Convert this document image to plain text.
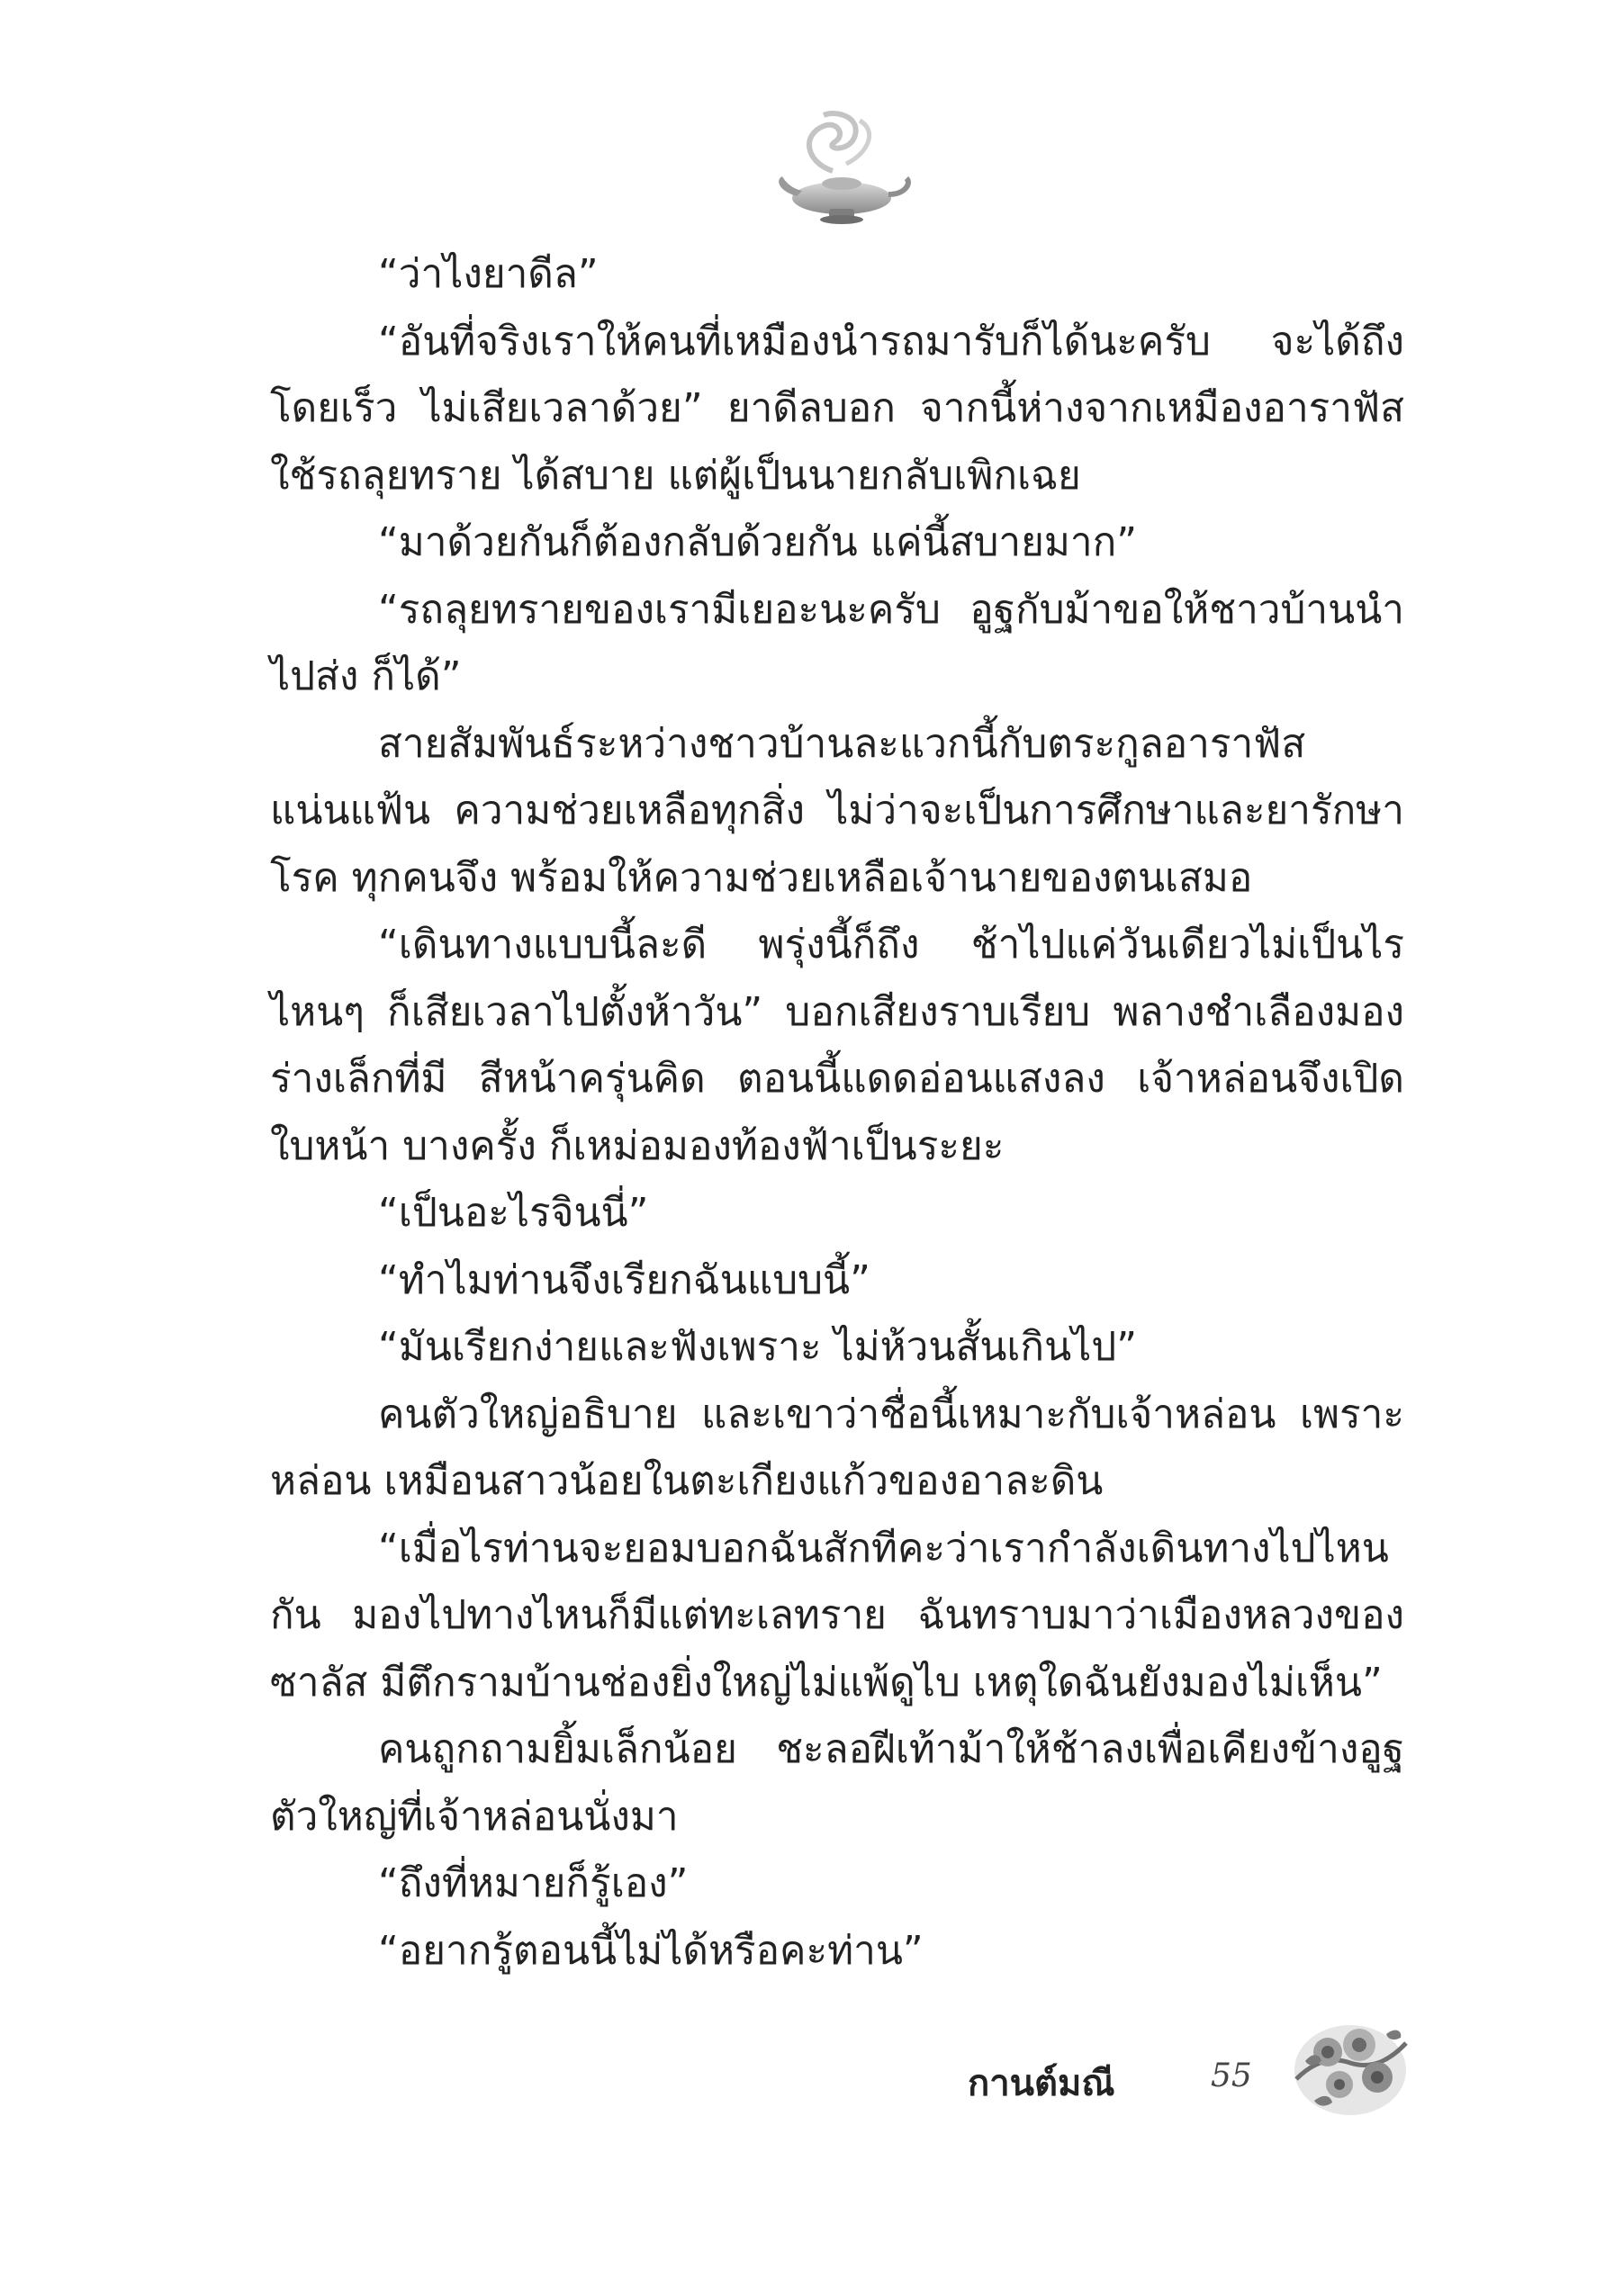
“ว่าไงยาดีล”

“อันที่จริงเราให้คนที่เหมืองนำรถมารับก็ได้นะครับ จะได้ถึงโดยเร็ว ไม่เสียเวลาด้วย” ยาดีลบอก จากนี้ห่างจากเหมืองอาราฟัส ใช้รถลุยทราย ได้สบาย แต่ผู้เป็นนายกลับเพิกเฉย

“มาด้วยกันก็ต้องกลับด้วยกัน แค่นี้สบายมาก”

“รถลุยทรายของเรามีเยอะนะครับ อูฐกับม้าขอให้ชาวบ้านนำไปส่ง ก็ได้”

สายสัมพันธ์ระหว่างชาวบ้านละแวกนี้กับตระกูลอาราฟัสแน่นแฟ้น ความช่วยเหลือทุกสิ่ง ไม่ว่าจะเป็นการศึกษาและยารักษาโรค ทุกคนจึง พร้อมให้ความช่วยเหลือเจ้านายของตนเสมอ

“เดินทางแบบนี้ละดี พรุ่งนี้ก็ถึง ช้าไปแค่วันเดียวไม่เป็นไร ไหนๆ ก็เสียเวลาไปตั้งห้าวัน” บอกเสียงราบเรียบ พลางชำเลืองมองร่างเล็กที่มี สีหน้าครุ่นคิด ตอนนี้แดดอ่อนแสงลง เจ้าหล่อนจึงเปิดใบหน้า บางครั้ง ก็เหม่อมองท้องฟ้าเป็นระยะ

“เป็นอะไรจินนี่”

“ทำไมท่านจึงเรียกฉันแบบนี้”

“มันเรียกง่ายและฟังเพราะ ไม่ห้วนสั้นเกินไป”

คนตัวใหญ่อธิบาย และเขาว่าชื่อนี้เหมาะกับเจ้าหล่อน เพราะหล่อน เหมือนสาวน้อยในตะเกียงแก้วของอาละดิน

“เมื่อไรท่านจะยอมบอกฉันสักทีคะว่าเรากำลังเดินทางไปไหนกัน มองไปทางไหนก็มีแต่ทะเลทราย ฉันทราบมาว่าเมืองหลวงของซาลัส มีตึกรามบ้านช่องยิ่งใหญ่ไม่แพ้ดูไบ เหตุใดฉันยังมองไม่เห็น”

คนถูกถามยิ้มเล็กน้อย ชะลอฝีเท้าม้าให้ช้าลงเพื่อเคียงข้างอูฐ ตัวใหญ่ที่เจ้าหล่อนนั่งมา

“ถึงที่หมายก็รู้เอง”

“อยากรู้ตอนนี้ไม่ได้หรือคะท่าน”

กานต์มณี	55
